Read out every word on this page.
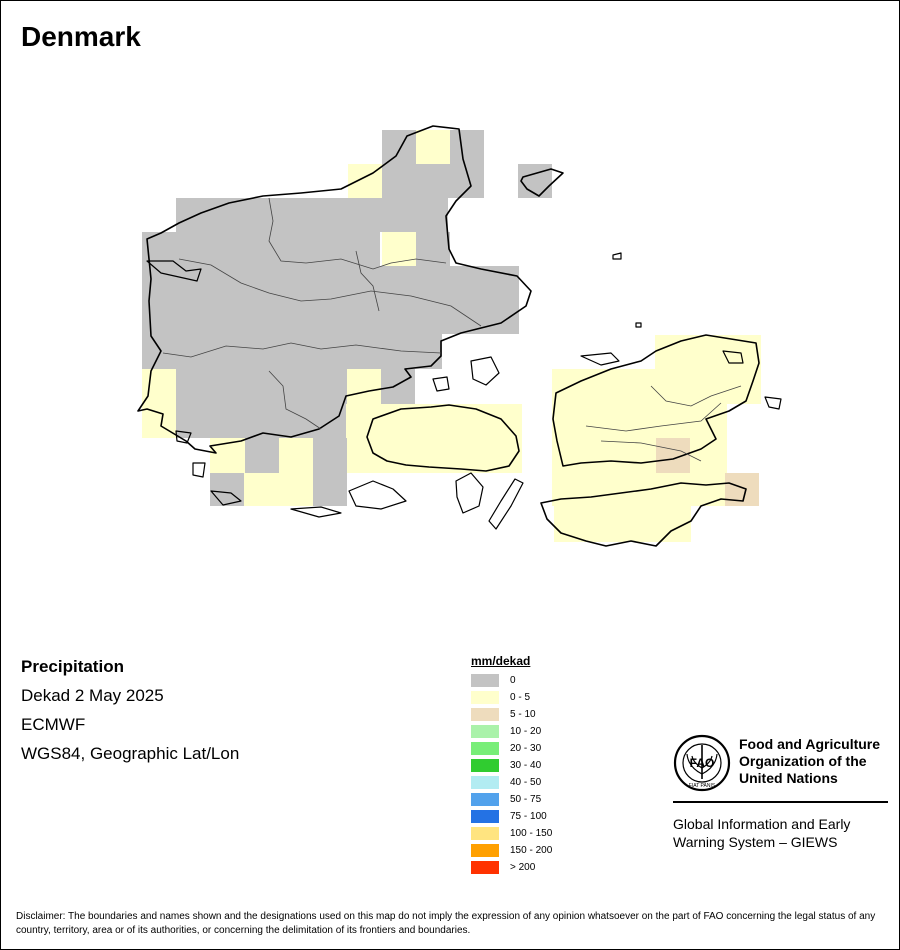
Denmark
Precipitation
Dekad 2 May 2025
ECMWF
WGS84, Geographic Lat/Lon
mm/dekad
0
0 - 5
5 - 10
10 - 20
20 - 30
30 - 40
40 - 50
50 - 75
75 - 100
100 - 150
150 - 200
> 200
FAO
FIAT PANIS
Food and Agriculture
Organization of the
United Nations
Global Information and Early
Warning System – GIEWS
Disclaimer: The boundaries and names shown and the designations used on this map do not imply the expression of any opinion whatsoever on the part of FAO concerning the legal status of any country, territory, area or of its authorities, or concerning the delimitation of its frontiers and boundaries.
